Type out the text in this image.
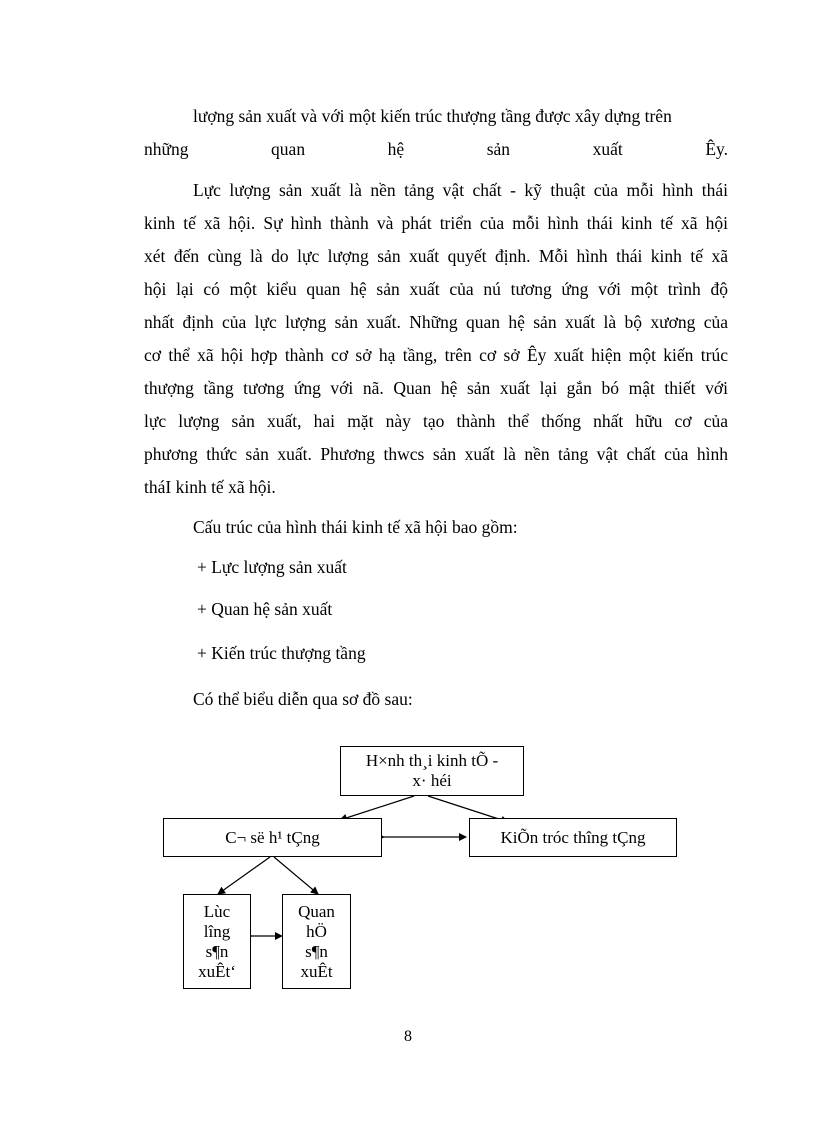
lượng sản xuất và với một kiến trúc thượng tầng được xây dựng trên
những quan hệ sản xuất Êy.
Lực lượng sản xuất là nền tảng vật chất - kỹ thuật của mỗi hình thái
kinh tế xã hội. Sự hình thành và phát triển của mỗi hình thái kinh tế xã hội
xét đến cùng là do lực lượng sản xuất quyết định. Mỗi hình thái kinh tế xã
hội lại có một kiểu quan hệ sản xuất của nú tương ứng với một trình độ
nhất định của lực lượng sản xuất. Những quan hệ sản xuất là bộ xương của
cơ thể xã hội hợp thành cơ sở hạ tầng, trên cơ sở Êy xuất hiện một kiến trúc
thượng tầng tương ứng với nã. Quan hệ sản xuất lại gắn bó mật thiết với
lực lượng sản xuất, hai mặt này tạo thành thể thống nhất hữu cơ của
phương thức sản xuất. Phương thwcs sản xuất là nền tảng vật chất của hình
tháI kinh tế xã hội.
Cấu trúc của hình thái kinh tế xã hội bao gồm:
+ Lực lượng sản xuất
+ Quan hệ sản xuất
+ Kiến trúc thượng tầng
Có thể biểu diễn qua sơ đồ sau:
H×nh th¸i kinh tÕ -
x· héi
C¬ së h¹ tÇng	KiÕn tróc thîng tÇng
Lùc
lîng
s¶n
xuÊt‘
Quan
hÖ
s¶n
xuÊt
8
